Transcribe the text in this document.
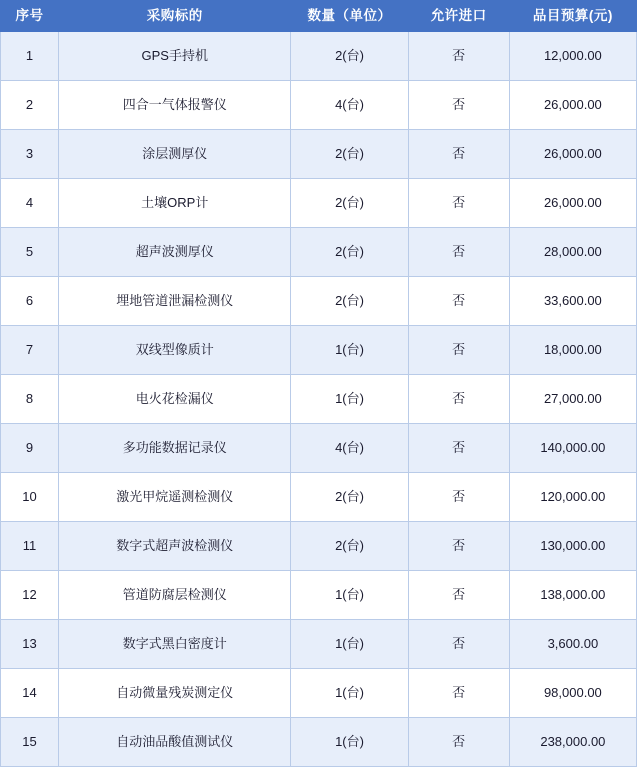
序号	采购标的	数量（单位）	允许进口	品目预算(元)
1	GPS手持机	2(台)	否	12,000.00
2	四合一气体报警仪	4(台)	否	26,000.00
3	涂层测厚仪	2(台)	否	26,000.00
4	土壤ORP计	2(台)	否	26,000.00
5	超声波测厚仪	2(台)	否	28,000.00
6	埋地管道泄漏检测仪	2(台)	否	33,600.00
7	双线型像质计	1(台)	否	18,000.00
8	电火花检漏仪	1(台)	否	27,000.00
9	多功能数据记录仪	4(台)	否	140,000.00
10	激光甲烷遥测检测仪	2(台)	否	120,000.00
11	数字式超声波检测仪	2(台)	否	130,000.00
12	管道防腐层检测仪	1(台)	否	138,000.00
13	数字式黑白密度计	1(台)	否	3,600.00
14	自动微量残炭测定仪	1(台)	否	98,000.00
15	自动油品酸值测试仪	1(台)	否	238,000.00
